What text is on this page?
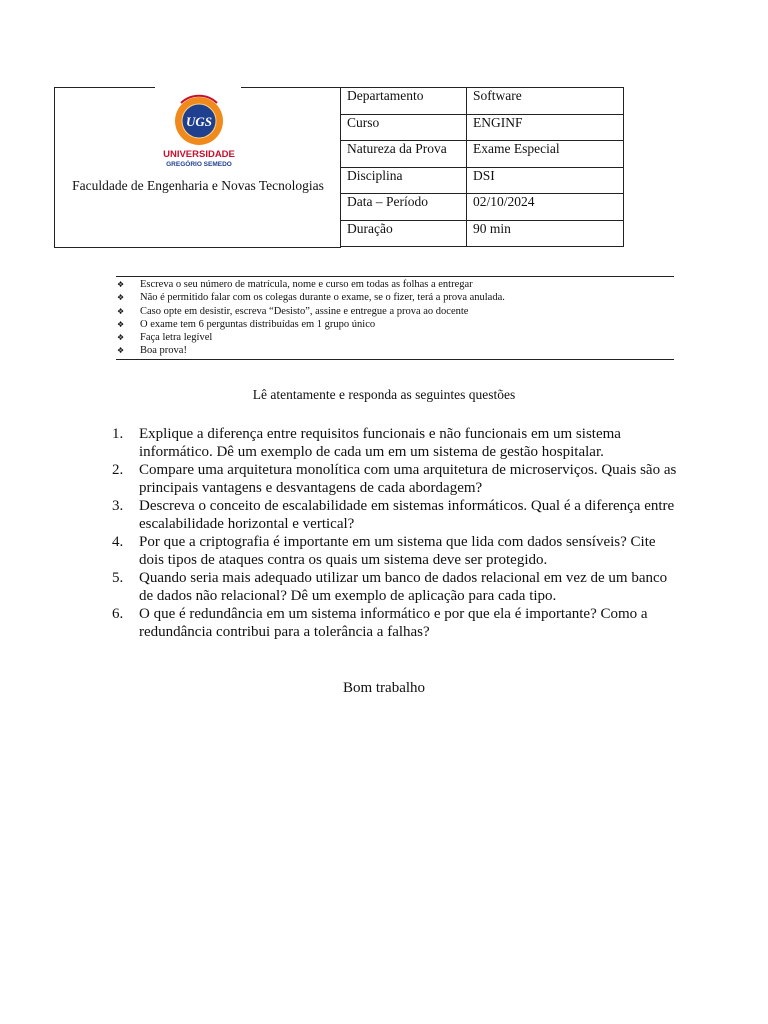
UGS
UNIVERSIDADE
GREGÓRIO SEMEDO
Faculdade de Engenharia e Novas Tecnologias
Departamento	Software
Curso	ENGINF
Natureza da Prova	Exame Especial
Disciplina	DSI
Data – Período	02/10/2024
Duração	90 min
❖	Escreva o seu número de matrícula, nome e curso em todas as folhas a entregar
❖	Não é permitido falar com os colegas durante o exame, se o fizer, terá a prova anulada.
❖	Caso opte em desistir, escreva “Desisto”, assine e entregue a prova ao docente
❖	O exame tem 6 perguntas distribuídas em 1 grupo único
❖	Faça letra legível
❖	Boa prova!
Lê atentamente e responda as seguintes questões
1.	Explique a diferença entre requisitos funcionais e não funcionais em um sistema informático. Dê um exemplo de cada um em um sistema de gestão hospitalar.
2.	Compare uma arquitetura monolítica com uma arquitetura de microserviços. Quais são as principais vantagens e desvantagens de cada abordagem?
3.	Descreva o conceito de escalabilidade em sistemas informáticos. Qual é a diferença entre escalabilidade horizontal e vertical?
4.	Por que a criptografia é importante em um sistema que lida com dados sensíveis? Cite dois tipos de ataques contra os quais um sistema deve ser protegido.
5.	Quando seria mais adequado utilizar um banco de dados relacional em vez de um banco de dados não relacional? Dê um exemplo de aplicação para cada tipo.
6.	O que é redundância em um sistema informático e por que ela é importante? Como a redundância contribui para a tolerância a falhas?
Bom trabalho
